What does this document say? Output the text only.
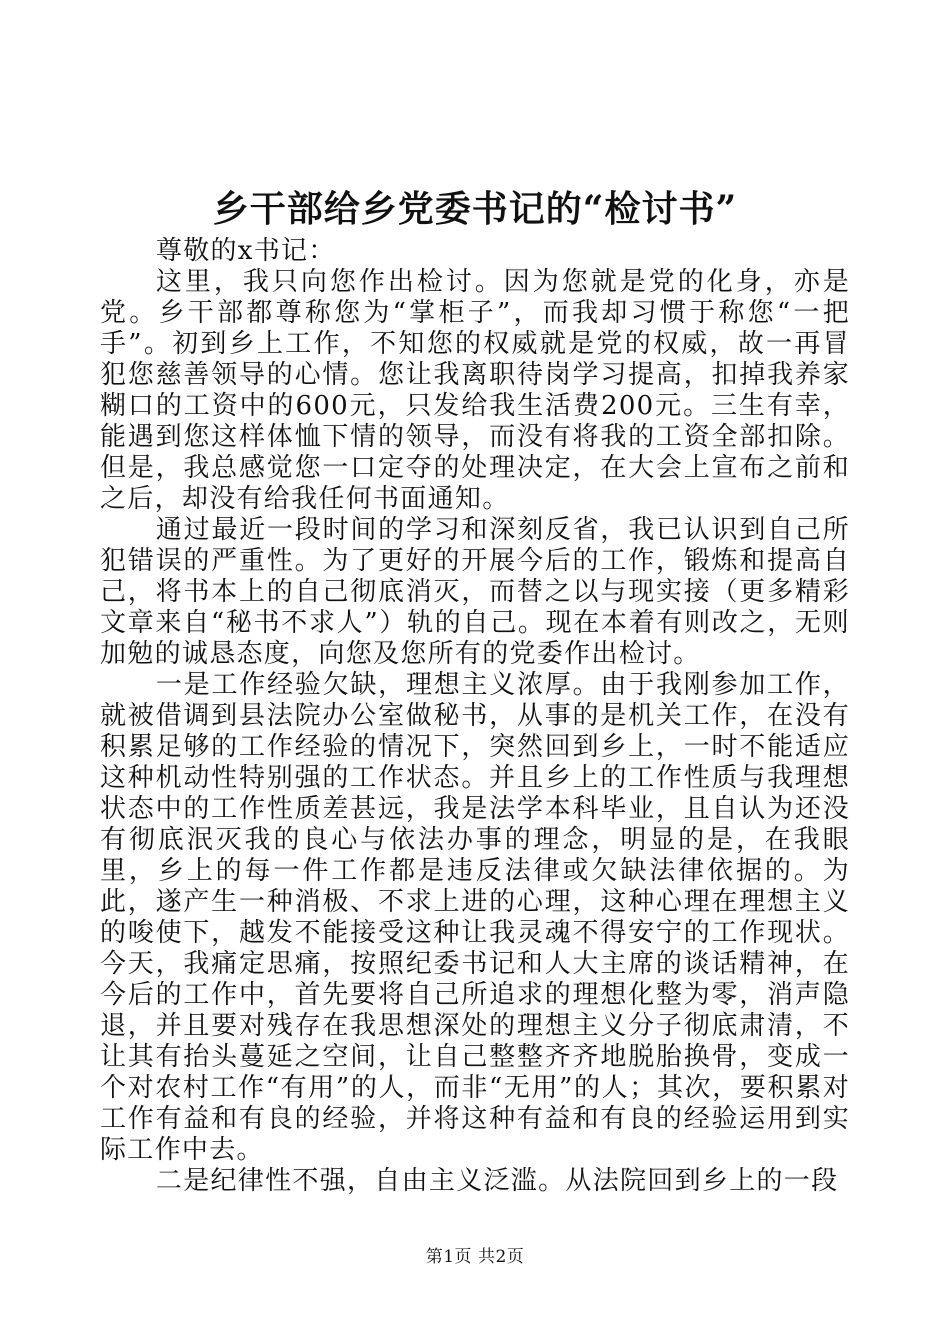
乡干部给乡党委书记的“检讨书”

尊敬的x书记：

这里，我只向您作出检讨。因为您就是党的化身，亦是党。乡干部都尊称您为“掌柜子”，而我却习惯于称您“一把手”。初到乡上工作，不知您的权威就是党的权威，故一再冒犯您慈善领导的心情。您让我离职待岗学习提高，扣掉我养家糊口的工资中的600元，只发给我生活费200元。三生有幸，能遇到您这样体恤下情的领导，而没有将我的工资全部扣除。但是，我总感觉您一口定夺的处理决定，在大会上宣布之前和之后，却没有给我任何书面通知。

通过最近一段时间的学习和深刻反省，我已认识到自己所犯错误的严重性。为了更好的开展今后的工作，锻炼和提高自己，将书本上的自己彻底消灭，而替之以与现实接（更多精彩文章来自“秘书不求人”）轨的自己。现在本着有则改之，无则加勉的诚恳态度，向您及您所有的党委作出检讨。

一是工作经验欠缺，理想主义浓厚。由于我刚参加工作，就被借调到县法院办公室做秘书，从事的是机关工作，在没有积累足够的工作经验的情况下，突然回到乡上，一时不能适应这种机动性特别强的工作状态。并且乡上的工作性质与我理想状态中的工作性质差甚远，我是法学本科毕业，且自认为还没有彻底泯灭我的良心与依法办事的理念，明显的是，在我眼里，乡上的每一件工作都是违反法律或欠缺法律依据的。为此，遂产生一种消极、不求上进的心理，这种心理在理想主义的唆使下，越发不能接受这种让我灵魂不得安宁的工作现状。今天，我痛定思痛，按照纪委书记和人大主席的谈话精神，在今后的工作中，首先要将自己所追求的理想化整为零，消声隐退，并且要对残存在我思想深处的理想主义分子彻底肃清，不让其有抬头蔓延之空间，让自己整整齐齐地脱胎换骨，变成一个对农村工作“有用”的人，而非“无用”的人；其次，要积累对工作有益和有良的经验，并将这种有益和有良的经验运用到实际工作中去。

二是纪律性不强，自由主义泛滥。从法院回到乡上的一段

第1页 共2页
